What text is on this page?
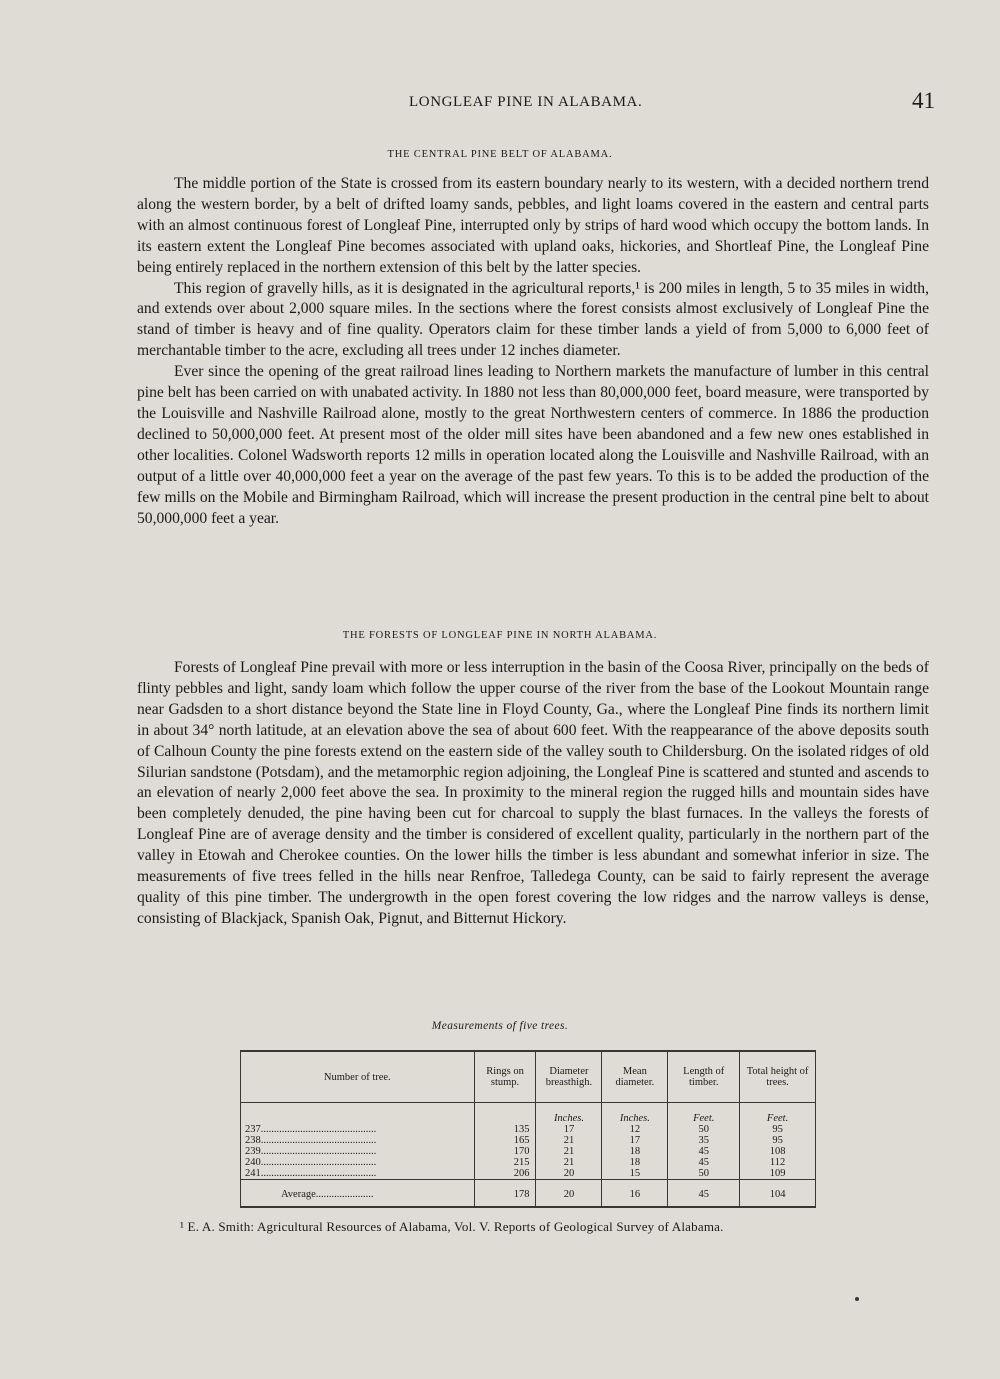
LONGLEAF PINE IN ALABAMA.	41
THE CENTRAL PINE BELT OF ALABAMA.

The middle portion of the State is crossed from its eastern boundary nearly to its western, with a decided northern trend along the western border, by a belt of drifted loamy sands, pebbles, and light loams covered in the eastern and central parts with an almost continuous forest of Longleaf Pine, interrupted only by strips of hard wood which occupy the bottom lands. In its eastern extent the Longleaf Pine becomes associated with upland oaks, hickories, and Shortleaf Pine, the Longleaf Pine being entirely replaced in the northern extension of this belt by the latter species.

This region of gravelly hills, as it is designated in the agricultural reports,¹ is 200 miles in length, 5 to 35 miles in width, and extends over about 2,000 square miles. In the sections where the forest consists almost exclusively of Longleaf Pine the stand of timber is heavy and of fine quality. Operators claim for these timber lands a yield of from 5,000 to 6,000 feet of merchantable timber to the acre, excluding all trees under 12 inches diameter.

Ever since the opening of the great railroad lines leading to Northern markets the manufacture of lumber in this central pine belt has been carried on with unabated activity. In 1880 not less than 80,000,000 feet, board measure, were transported by the Louisville and Nashville Railroad alone, mostly to the great Northwestern centers of commerce. In 1886 the production declined to 50,000,000 feet. At present most of the older mill sites have been abandoned and a few new ones established in other localities. Colonel Wadsworth reports 12 mills in operation located along the Louisville and Nashville Railroad, with an output of a little over 40,000,000 feet a year on the average of the past few years. To this is to be added the production of the few mills on the Mobile and Birmingham Railroad, which will increase the present production in the central pine belt to about 50,000,000 feet a year.

THE FORESTS OF LONGLEAF PINE IN NORTH ALABAMA.

Forests of Longleaf Pine prevail with more or less interruption in the basin of the Coosa River, principally on the beds of flinty pebbles and light, sandy loam which follow the upper course of the river from the base of the Lookout Mountain range near Gadsden to a short distance beyond the State line in Floyd County, Ga., where the Longleaf Pine finds its northern limit in about 34° north latitude, at an elevation above the sea of about 600 feet. With the reappearance of the above deposits south of Calhoun County the pine forests extend on the eastern side of the valley south to Childersburg. On the isolated ridges of old Silurian sandstone (Potsdam), and the metamorphic region adjoining, the Longleaf Pine is scattered and stunted and ascends to an elevation of nearly 2,000 feet above the sea. In proximity to the mineral region the rugged hills and mountain sides have been completely denuded, the pine having been cut for charcoal to supply the blast furnaces. In the valleys the forests of Longleaf Pine are of average density and the timber is considered of excellent quality, particularly in the northern part of the valley in Etowah and Cherokee counties. On the lower hills the timber is less abundant and somewhat inferior in size. The measurements of five trees felled in the hills near Renfroe, Talledega County, can be said to fairly represent the average quality of this pine timber. The undergrowth in the open forest covering the low ridges and the narrow valleys is dense, consisting of Blackjack, Spanish Oak, Pignut, and Bitternut Hickory.

Measurements of five trees.
Number of tree.	Rings on stump.	Diameter breasthigh.	Mean diameter.	Length of timber.	Total height of trees.
		Inches.	Inches.	Feet.	Feet.
237............................................	135	17	12	50	95
238............................................	165	21	17	35	95
239............................................	170	21	18	45	108
240............................................	215	21	18	45	112
241............................................	206	20	15	50	109
Average......................	178	20	16	45	104
¹ E. A. Smith: Agricultural Resources of Alabama, Vol. V. Reports of Geological Survey of Alabama.
